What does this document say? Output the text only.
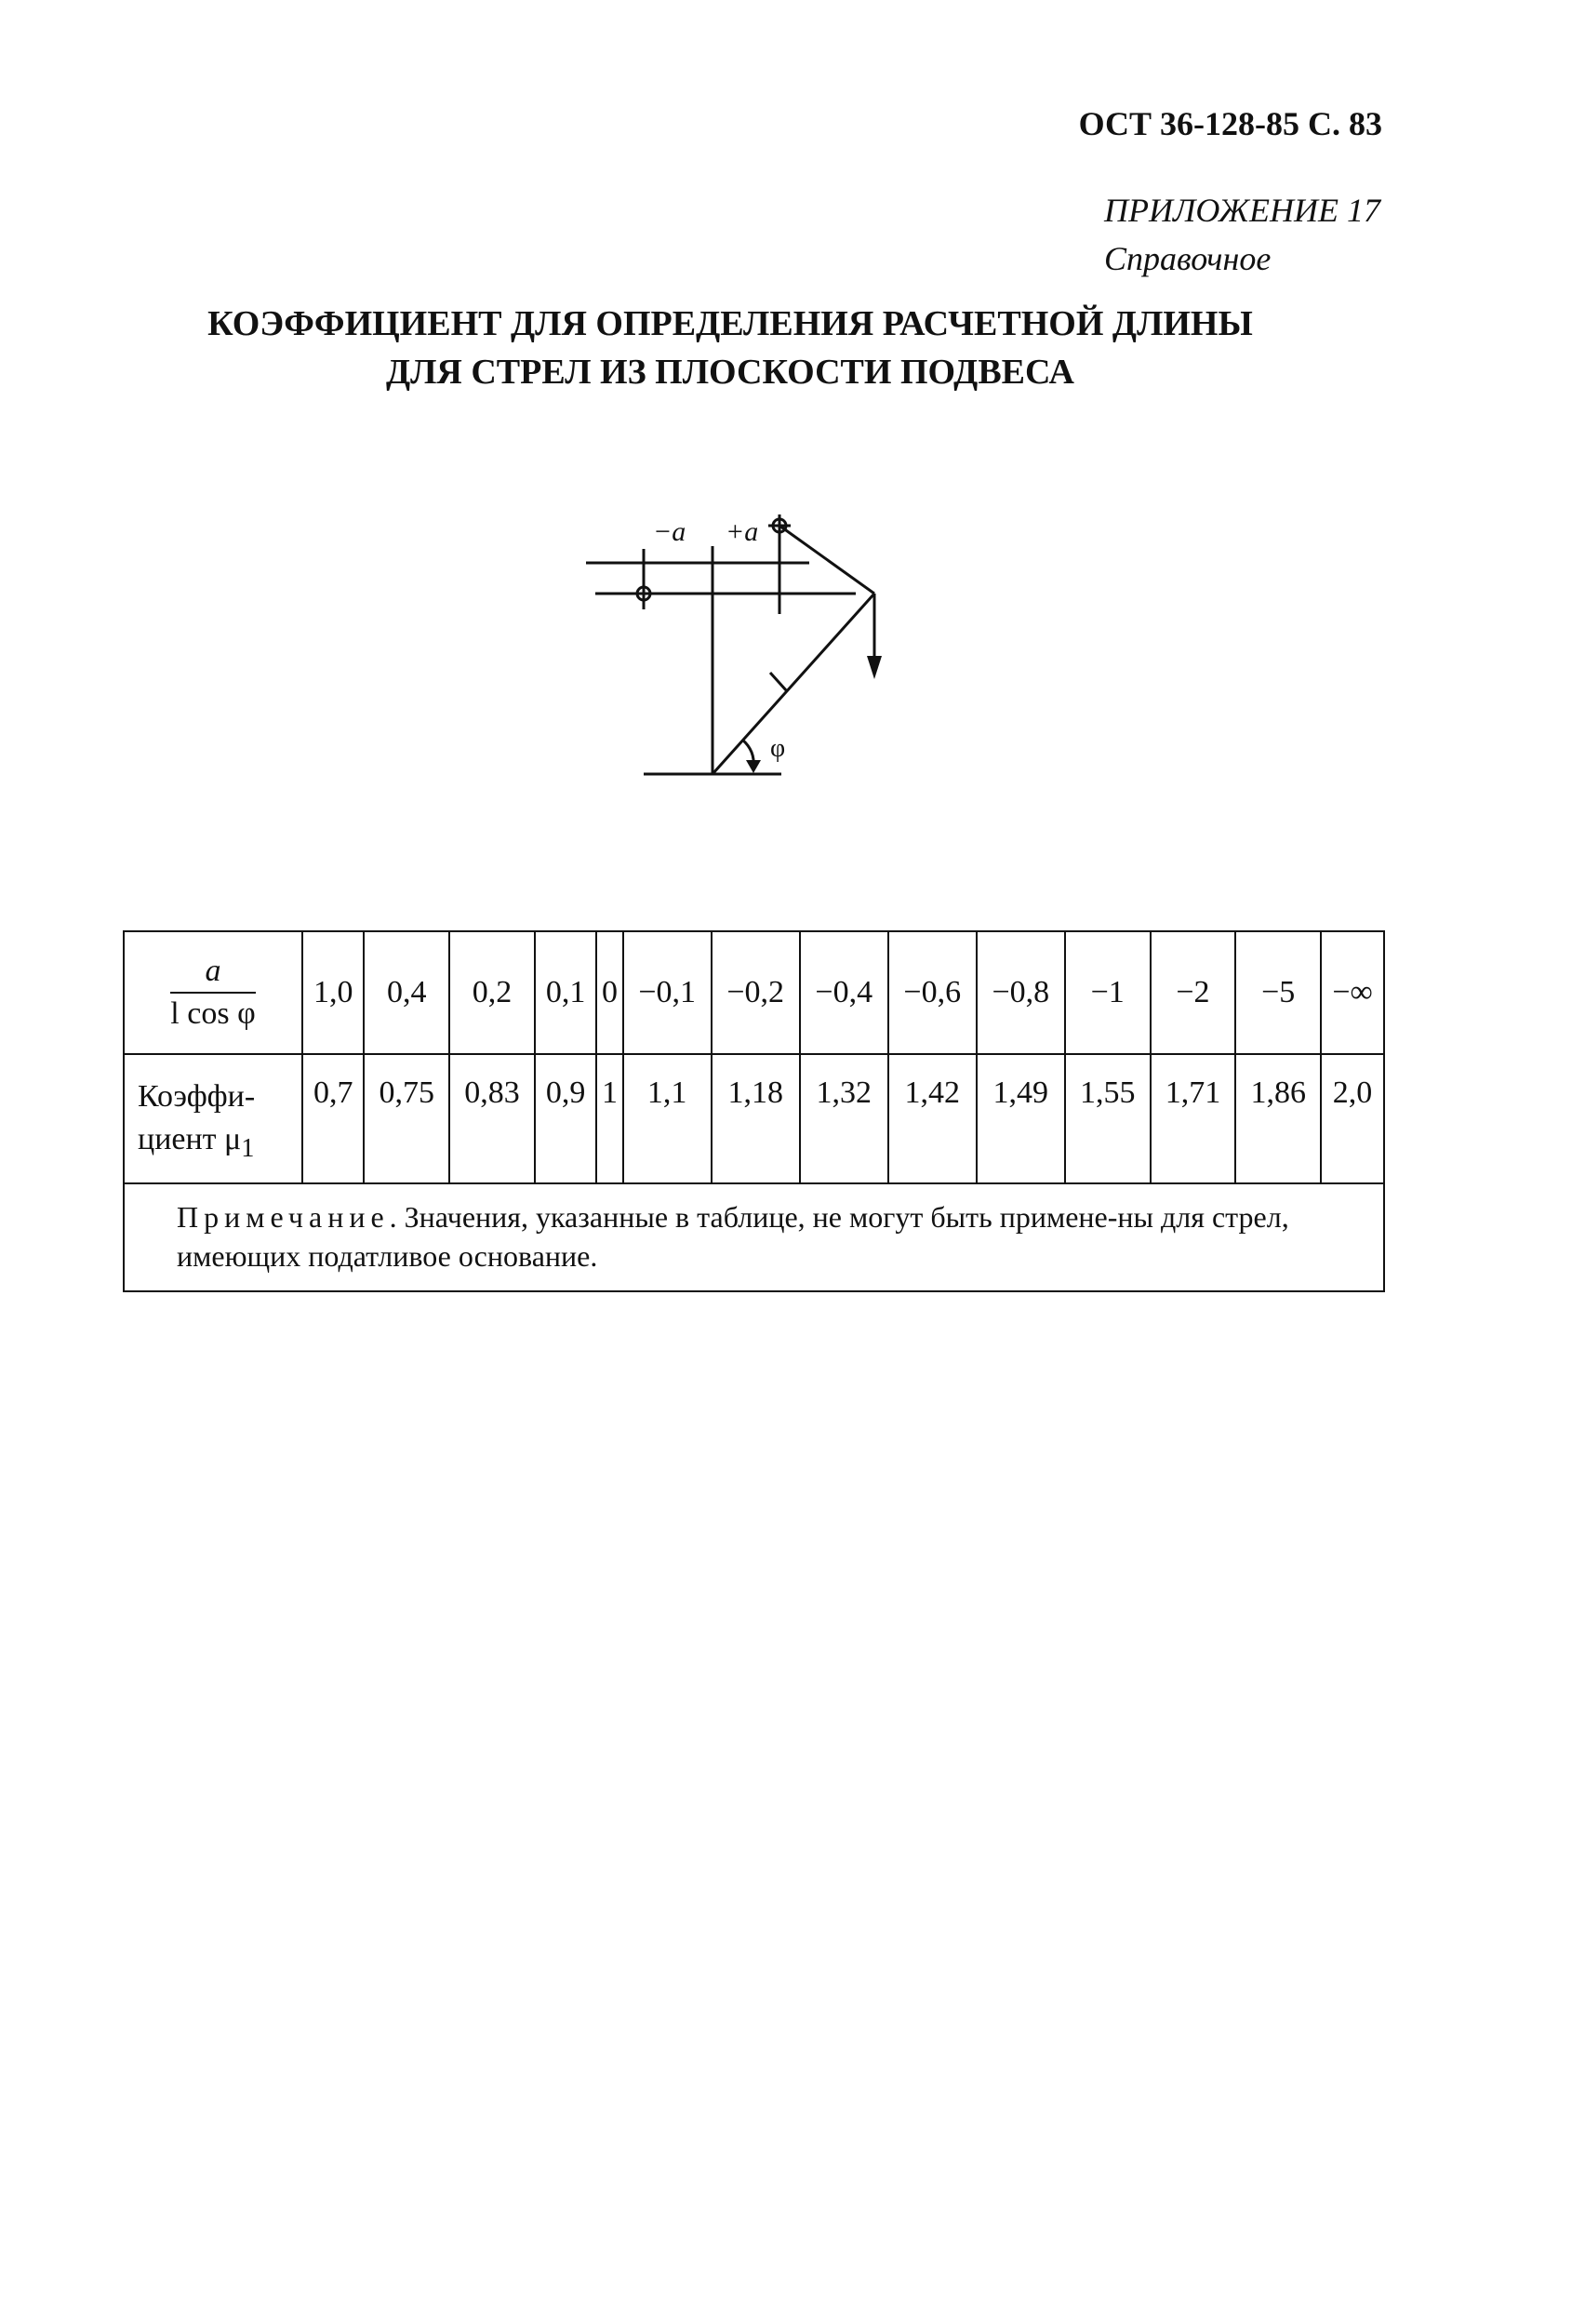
ОСТ 36-128-85 С. 83
ПРИЛОЖЕНИЕ 17
Справочное
КОЭФФИЦИЕНТ ДЛЯ ОПРЕДЕЛЕНИЯ РАСЧЕТНОЙ ДЛИНЫ
ДЛЯ СТРЕЛ ИЗ ПЛОСКОСТИ ПОДВЕСА
−a +a
φ
$\frac{a}{\text{l cos φ}}$	1,0	0,4	0,2	0,1	0	−0,1	−0,2	−0,4	−0,6	−0,8	−1	−2	−5	−∞

Коэффи-
циент $\mu_1$	0,7	0,75	0,83	0,9	1	1,1	1,18	1,32	1,42	1,49	1,55	1,71	1,86	2,0
Примечание. Значения, указанные в таблице, не могут быть примене-ны для стрел, имеющих податливое основание.														
